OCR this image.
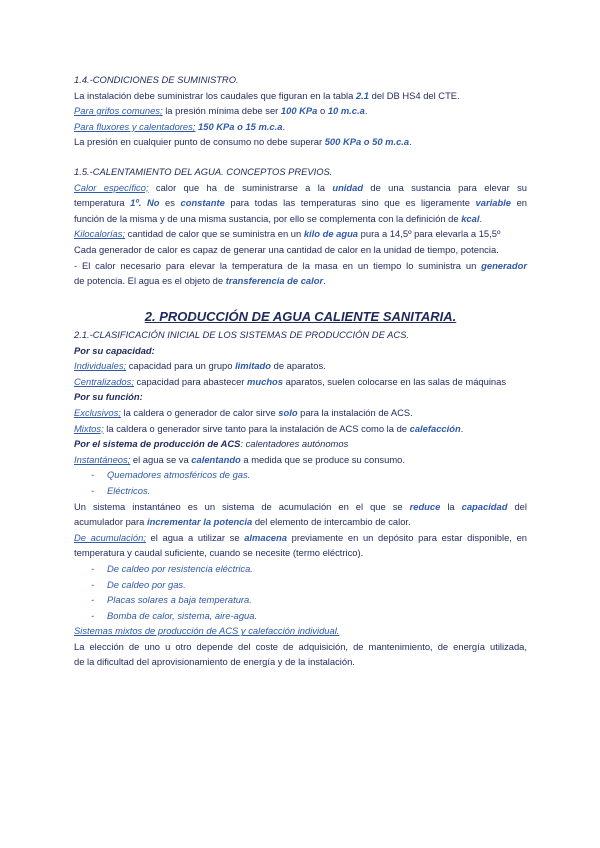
1.4.-CONDICIONES DE SUMINISTRO.
La instalación debe suministrar los caudales que figuran en la tabla 2.1 del DB HS4 del CTE.
Para grifos comunes; la presión mínima debe ser 100 KPa o 10 m.c.a.
Para fluxores y calentadores; 150 KPa o 15 m.c.a.
La presión en cualquier punto de consumo no debe superar 500 KPa o 50 m.c.a.
1.5.-CALENTAMIENTO DEL AGUA. CONCEPTOS PREVIOS.
Calor específico; calor que ha de suministrarse a la unidad de una sustancia para elevar su
temperatura 1º. No es constante para todas las temperaturas sino que es ligeramente variable en
función de la misma y de una misma sustancia, por ello se complementa con la definición de kcal.
Kilocalorías; cantidad de calor que se suministra en un kilo de agua pura a 14,5º para elevarla a 15,5º
Cada generador de calor es capaz de generar una cantidad de calor en la unidad de tiempo, potencia.
- El calor necesario para elevar la temperatura de la masa en un tiempo lo suministra un generador
de potencia. El agua es el objeto de transferencia de calor.
2. PRODUCCIÓN DE AGUA CALIENTE SANITARIA.
2.1.-CLASIFICACIÓN INICIAL DE LOS SISTEMAS DE PRODUCCIÓN DE ACS.
Por su capacidad:
Individuales; capacidad para un grupo limitado de aparatos.
Centralizados; capacidad para abastecer muchos aparatos, suelen colocarse en las salas de máquinas
Por su función:
Exclusivos; la caldera o generador de calor sirve solo para la instalación de ACS.
Mixtos; la caldera o generador sirve tanto para la instalación de ACS como la de calefacción.
Por el sistema de producción de ACS: calentadores autónomos
Instantáneos; el agua se va calentando a medida que se produce su consumo.
- Quemadores atmosféricos de gas.
- Eléctricos.
Un sistema instantáneo es un sistema de acumulación en el que se reduce la capacidad del
acumulador para incrementar la potencia del elemento de intercambio de calor.
De acumulación; el agua a utilizar se almacena previamente en un depósito para estar disponible, en
temperatura y caudal suficiente, cuando se necesite (termo eléctrico).
- De caldeo por resistencia eléctrica.
- De caldeo por gas.
- Placas solares a baja temperatura.
- Bomba de calor, sistema, aire-agua.
Sistemas mixtos de producción de ACS y calefacción individual.
La elección de uno u otro depende del coste de adquisición, de mantenimiento, de energía utilizada,
de la dificultad del aprovisionamiento de energía y de la instalación.
